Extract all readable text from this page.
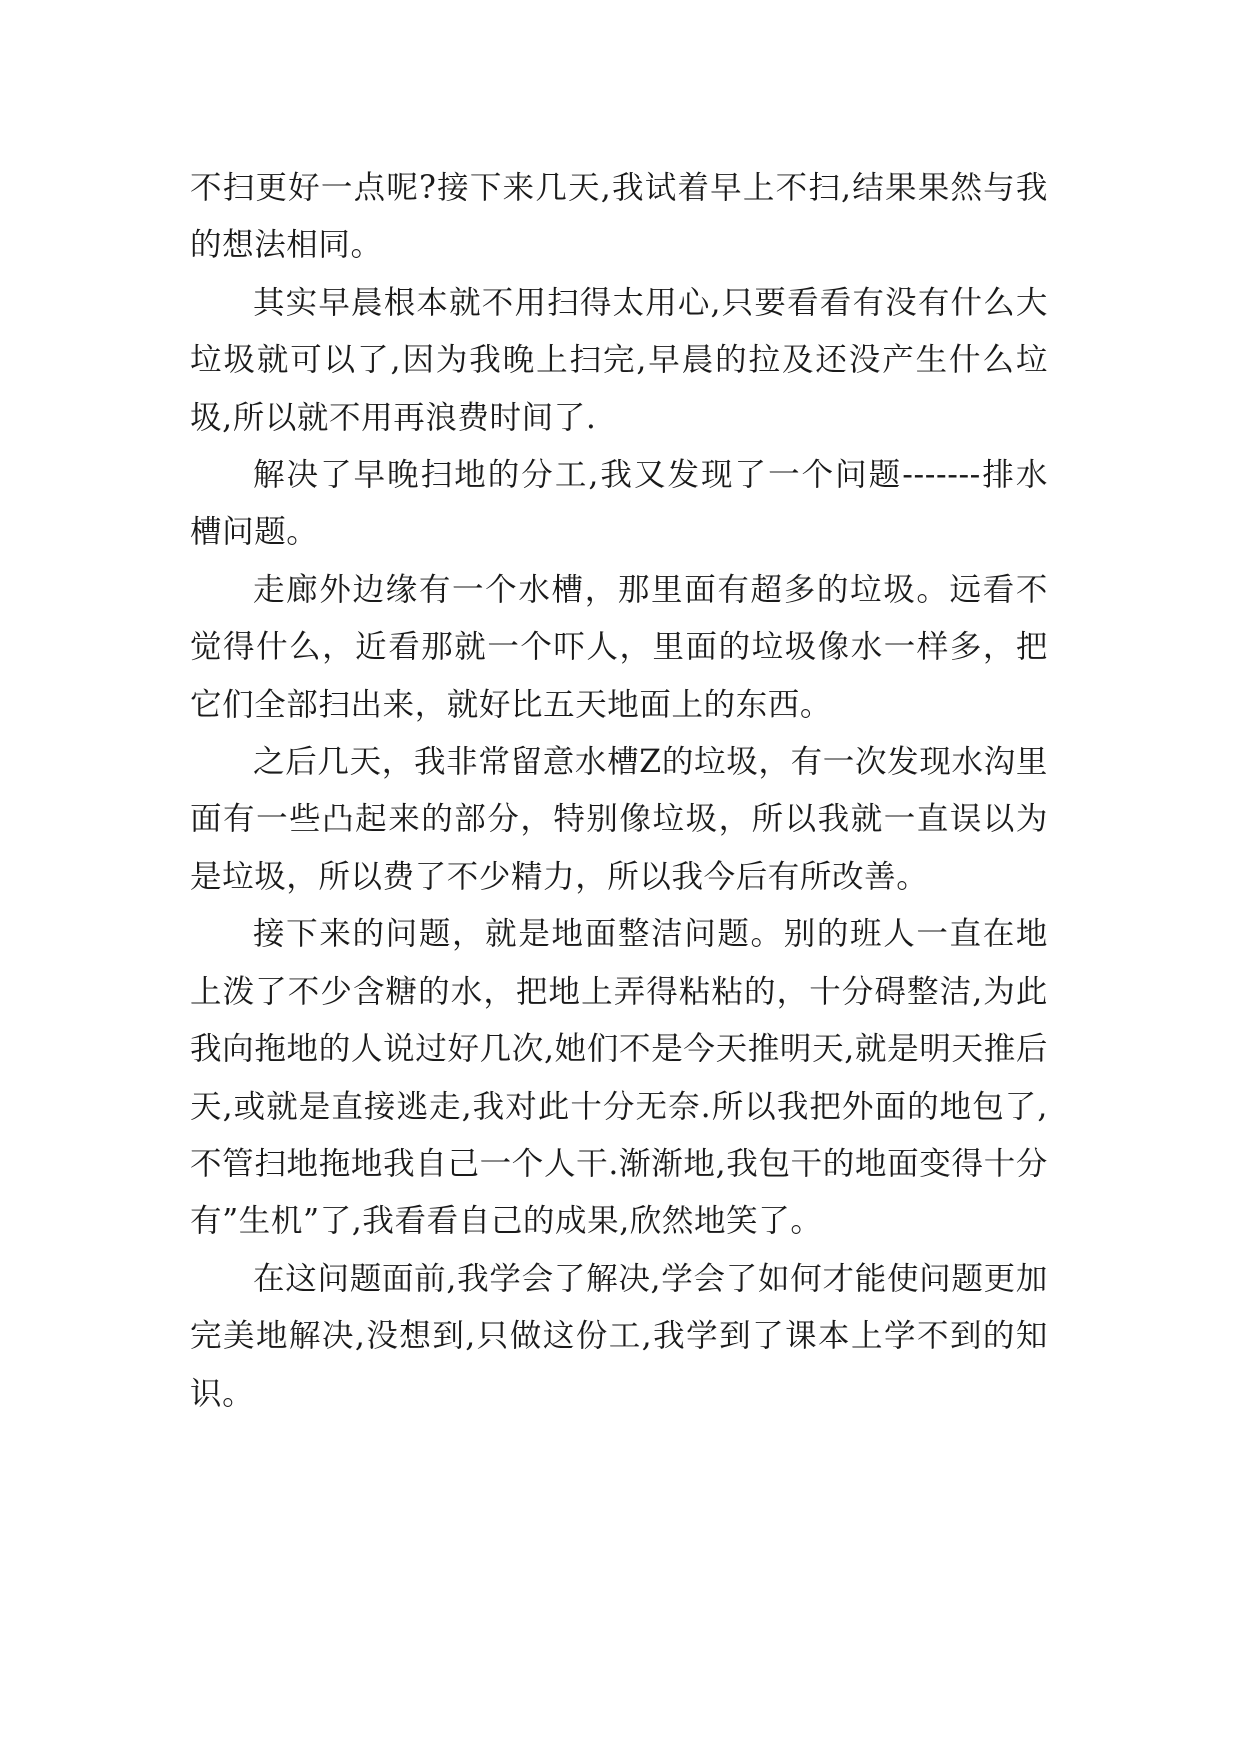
不扫更好一点呢?接下来几天,我试着早上不扫,结果果然与我的想法相同。

其实早晨根本就不用扫得太用心,只要看看有没有什么大垃圾就可以了,因为我晚上扫完,早晨的拉及还没产生什么垃圾,所以就不用再浪费时间了.

解决了早晚扫地的分工,我又发现了一个问题-------排水槽问题。

走廊外边缘有一个水槽，那里面有超多的垃圾。远看不觉得什么，近看那就一个吓人，里面的垃圾像水一样多，把它们全部扫出来，就好比五天地面上的东西。

之后几天，我非常留意水槽Z的垃圾，有一次发现水沟里面有一些凸起来的部分，特别像垃圾，所以我就一直误以为是垃圾，所以费了不少精力，所以我今后有所改善。

接下来的问题，就是地面整洁问题。别的班人一直在地上泼了不少含糖的水，把地上弄得粘粘的，十分碍整洁,为此我向拖地的人说过好几次,她们不是今天推明天,就是明天推后天,或就是直接逃走,我对此十分无奈.所以我把外面的地包了,不管扫地拖地我自己一个人干.渐渐地,我包干的地面变得十分有”生机”了,我看看自己的成果,欣然地笑了。

在这问题面前,我学会了解决,学会了如何才能使问题更加完美地解决,没想到,只做这份工,我学到了课本上学不到的知识。
